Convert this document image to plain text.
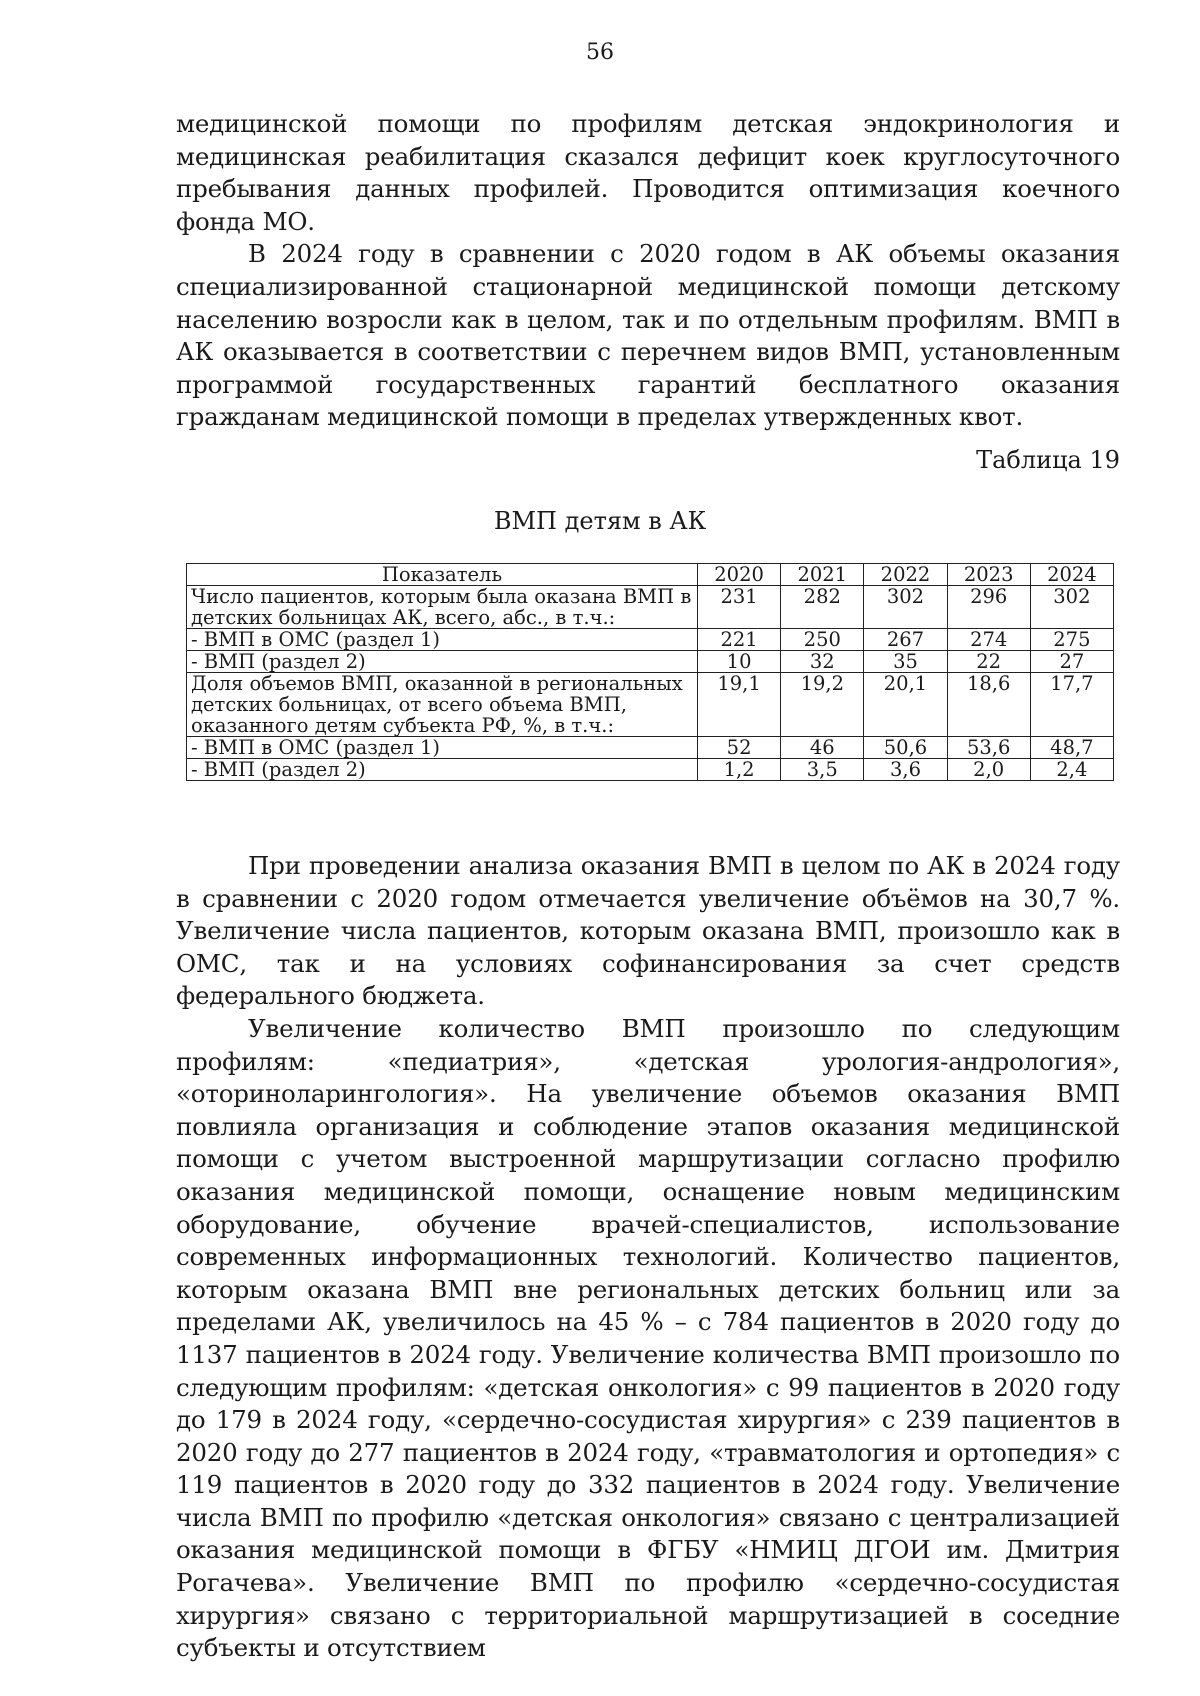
56

медицинской помощи по профилям детская эндокринология и медицинская реабилитация сказался дефицит коек круглосуточного пребывания данных профилей. Проводится оптимизация коечного фонда МО.

В 2024 году в сравнении с 2020 годом в АК объемы оказания специализированной стационарной медицинской помощи детскому населению возросли как в целом, так и по отдельным профилям. ВМП в АК оказывается в соответствии с перечнем видов ВМП, установленным программой государственных гарантий бесплатного оказания гражданам медицинской помощи в пределах утвержденных квот.

Таблица 19
ВМП детям в АК
Показатель	2020	2021	2022	2023	2024
Число пациентов, которым была оказана ВМП в детских больницах АК, всего, абс., в т.ч.:	231	282	302	296	302
- ВМП в ОМС (раздел 1)	221	250	267	274	275
- ВМП (раздел 2)	10	32	35	22	27
Доля объемов ВМП, оказанной в региональных детских больницах, от всего объема ВМП, оказанного детям субъекта РФ, %, в т.ч.:	19,1	19,2	20,1	18,6	17,7
- ВМП в ОМС (раздел 1)	52	46	50,6	53,6	48,7
- ВМП (раздел 2)	1,2	3,5	3,6	2,0	2,4

При проведении анализа оказания ВМП в целом по АК в 2024 году в сравнении с 2020 годом отмечается увеличение объёмов на 30,7 %. Увеличение числа пациентов, которым оказана ВМП, произошло как в ОМС, так и на условиях софинансирования за счет средств федерального бюджета.

Увеличение количество ВМП произошло по следующим профилям: «педиатрия», «детская урология-андрология», «оториноларингология». На увеличение объемов оказания ВМП повлияла организация и соблюдение этапов оказания медицинской помощи с учетом выстроенной маршрутизации согласно профилю оказания медицинской помощи, оснащение новым медицинским оборудование, обучение врачей-специалистов, использование современных информационных технологий. Количество пациентов, которым оказана ВМП вне региональных детских больниц или за пределами АК, увеличилось на 45 % – с 784 пациентов в 2020 году до 1137 пациентов в 2024 году. Увеличение количества ВМП произошло по следующим профилям: «детская онкология» с 99 пациентов в 2020 году до 179 в 2024 году, «сердечно-сосудистая хирургия» с 239 пациентов в 2020 году до 277 пациентов в 2024 году, «травматология и ортопедия» с 119 пациентов в 2020 году до 332 пациентов в 2024 году. Увеличение числа ВМП по профилю «детская онкология» связано с централизацией оказания медицинской помощи в ФГБУ «НМИЦ ДГОИ им. Дмитрия Рогачева». Увеличение ВМП по профилю «сердечно-сосудистая хирургия» связано с территориальной маршрутизацией в соседние субъекты и отсутствием
